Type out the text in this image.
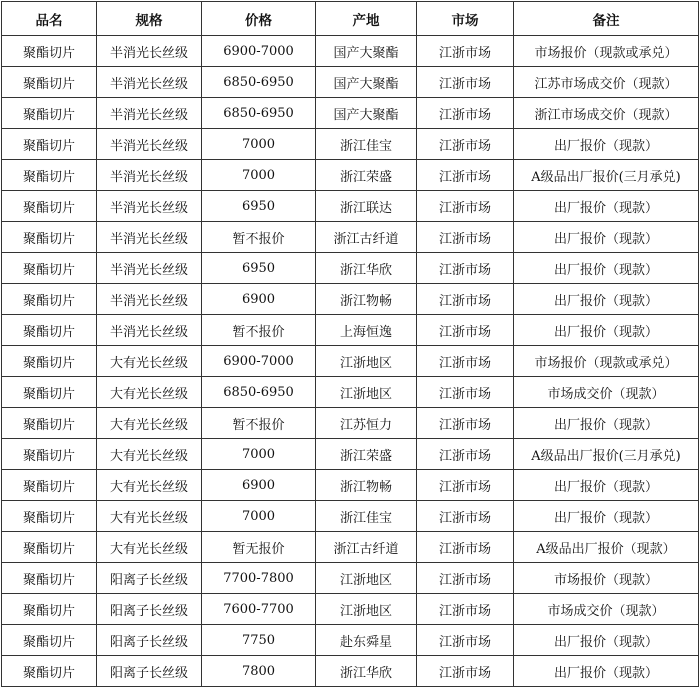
品名	规格	价格	产地	市场	备注
聚酯切片	半消光长丝级	6900-7000	国产大聚酯	江浙市场	市场报价（现款或承兑）
聚酯切片	半消光长丝级	6850-6950	国产大聚酯	江浙市场	江苏市场成交价（现款）
聚酯切片	半消光长丝级	6850-6950	国产大聚酯	江浙市场	浙江市场成交价（现款）
聚酯切片	半消光长丝级	7000	浙江佳宝	江浙市场	出厂报价（现款）
聚酯切片	半消光长丝级	7000	浙江荣盛	江浙市场	A级品出厂报价(三月承兑)
聚酯切片	半消光长丝级	6950	浙江联达	江浙市场	出厂报价（现款）
聚酯切片	半消光长丝级	暂不报价	浙江古纤道	江浙市场	出厂报价（现款）
聚酯切片	半消光长丝级	6950	浙江华欣	江浙市场	出厂报价（现款）
聚酯切片	半消光长丝级	6900	浙江物畅	江浙市场	出厂报价（现款）
聚酯切片	半消光长丝级	暂不报价	上海恒逸	江浙市场	出厂报价（现款）
聚酯切片	大有光长丝级	6900-7000	江浙地区	江浙市场	市场报价（现款或承兑）
聚酯切片	大有光长丝级	6850-6950	江浙地区	江浙市场	市场成交价（现款）
聚酯切片	大有光长丝级	暂不报价	江苏恒力	江浙市场	出厂报价（现款）
聚酯切片	大有光长丝级	7000	浙江荣盛	江浙市场	A级品出厂报价(三月承兑)
聚酯切片	大有光长丝级	6900	浙江物畅	江浙市场	出厂报价（现款）
聚酯切片	大有光长丝级	7000	浙江佳宝	江浙市场	出厂报价（现款）
聚酯切片	大有光长丝级	暂无报价	浙江古纤道	江浙市场	A级品出厂报价（现款）
聚酯切片	阳离子长丝级	7700-7800	江浙地区	江浙市场	市场报价（现款）
聚酯切片	阳离子长丝级	7600-7700	江浙地区	江浙市场	市场成交价（现款）
聚酯切片	阳离子长丝级	7750	赴东舜星	江浙市场	出厂报价（现款）
聚酯切片	阳离子长丝级	7800	浙江华欣	江浙市场	出厂报价（现款）
